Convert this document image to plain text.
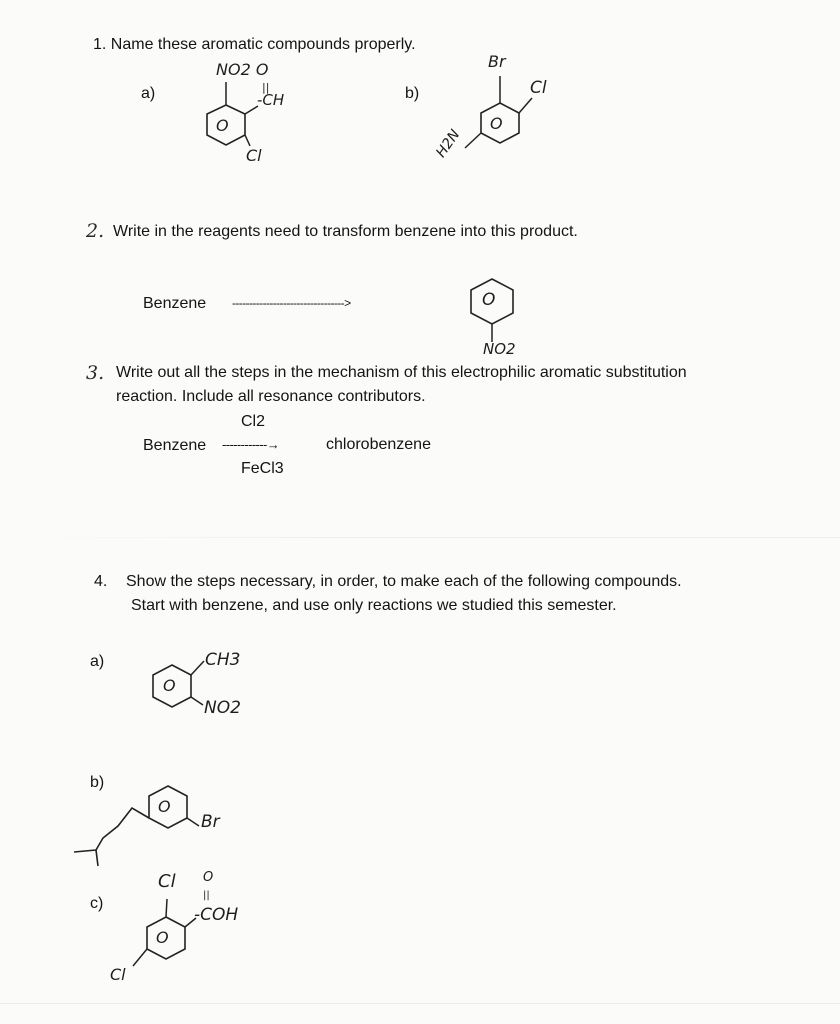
1. Name these aromatic compounds properly.
a)	b)
O
NO2 O
||
-CH
Cl
O
Br
Cl
H2N
2. Write in the reagents need to transform benzene into this product.
Benzene --------------------------------->	O
NO2
3. Write out all the steps in the mechanism of this electrophilic aromatic substitution
reaction. Include all resonance contributors.
Cl2
Benzene ------------→	chlorobenzene
FeCl3
4. Show the steps necessary, in order, to make each of the following compounds.
Start with benzene, and use only reactions we studied this semester.
a)
O
CH3
NO2
b)
O
Br
c)
O
Cl O
||
-COH
Cl
